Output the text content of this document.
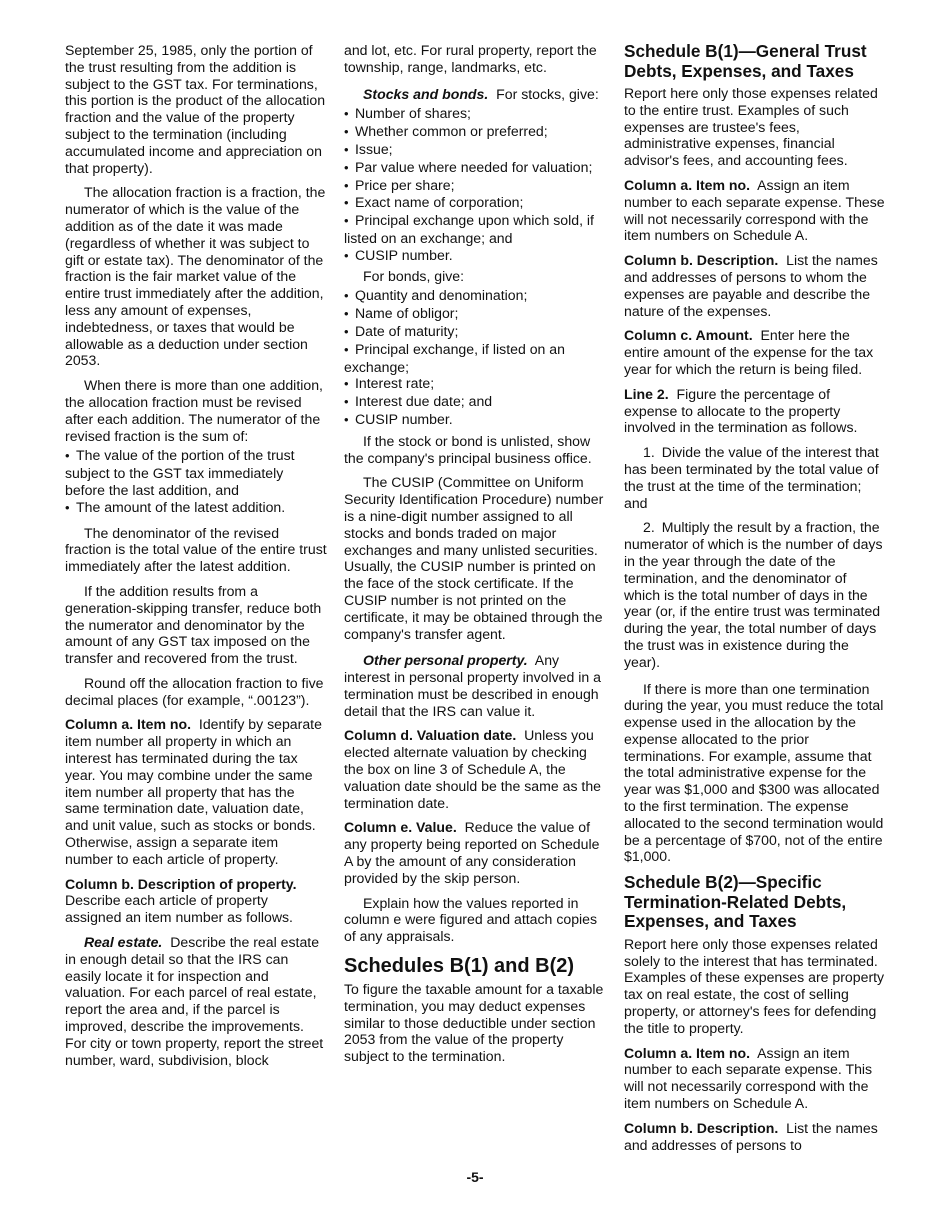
September 25, 1985, only the portion of the trust resulting from the addition is subject to the GST tax. For terminations, this portion is the product of the allocation fraction and the value of the property subject to the termination (including accumulated income and appreciation on that property).

The allocation fraction is a fraction, the numerator of which is the value of the addition as of the date it was made (regardless of whether it was subject to gift or estate tax). The denominator of the fraction is the fair market value of the entire trust immediately after the addition, less any amount of expenses, indebtedness, or taxes that would be allowable as a deduction under section 2053.

When there is more than one addition, the allocation fraction must be revised after each addition. The numerator of the revised fraction is the sum of:

• The value of the portion of the trust subject to the GST tax immediately before the last addition, and
• The amount of the latest addition.

The denominator of the revised fraction is the total value of the entire trust immediately after the latest addition.

If the addition results from a generation-skipping transfer, reduce both the numerator and denominator by the amount of any GST tax imposed on the transfer and recovered from the trust.

Round off the allocation fraction to five decimal places (for example, “.00123”).

Column a. Item no. Identify by separate item number all property in which an interest has terminated during the tax year. You may combine under the same item number all property that has the same termination date, valuation date, and unit value, such as stocks or bonds. Otherwise, assign a separate item number to each article of property.

Column b. Description of property. Describe each article of property assigned an item number as follows.

Real estate. Describe the real estate in enough detail so that the IRS can easily locate it for inspection and valuation. For each parcel of real estate, report the area and, if the parcel is improved, describe the improvements. For city or town property, report the street number, ward, subdivision, block

and lot, etc. For rural property, report the township, range, landmarks, etc.

Stocks and bonds. For stocks, give:

• Number of shares;
• Whether common or preferred;
• Issue;
• Par value where needed for valuation;
• Price per share;
• Exact name of corporation;
• Principal exchange upon which sold, if listed on an exchange; and
• CUSIP number.

For bonds, give:

• Quantity and denomination;
• Name of obligor;
• Date of maturity;
• Principal exchange, if listed on an exchange;
• Interest rate;
• Interest due date; and
• CUSIP number.

If the stock or bond is unlisted, show the company's principal business office.

The CUSIP (Committee on Uniform Security Identification Procedure) number is a nine-digit number assigned to all stocks and bonds traded on major exchanges and many unlisted securities. Usually, the CUSIP number is printed on the face of the stock certificate. If the CUSIP number is not printed on the certificate, it may be obtained through the company's transfer agent.

Other personal property. Any interest in personal property involved in a termination must be described in enough detail that the IRS can value it.

Column d. Valuation date. Unless you elected alternate valuation by checking the box on line 3 of Schedule A, the valuation date should be the same as the termination date.

Column e. Value. Reduce the value of any property being reported on Schedule A by the amount of any consideration provided by the skip person.

Explain how the values reported in column e were figured and attach copies of any appraisals.

Schedules B(1) and B(2)

To figure the taxable amount for a taxable termination, you may deduct expenses similar to those deductible under section 2053 from the value of the property subject to the termination.

Schedule B(1)—General Trust Debts, Expenses, and Taxes

Report here only those expenses related to the entire trust. Examples of such expenses are trustee's fees, administrative expenses, financial advisor's fees, and accounting fees.

Column a. Item no. Assign an item number to each separate expense. These will not necessarily correspond with the item numbers on Schedule A.

Column b. Description. List the names and addresses of persons to whom the expenses are payable and describe the nature of the expenses.

Column c. Amount. Enter here the entire amount of the expense for the tax year for which the return is being filed.

Line 2. Figure the percentage of expense to allocate to the property involved in the termination as follows.

1. Divide the value of the interest that has been terminated by the total value of the trust at the time of the termination; and

2. Multiply the result by a fraction, the numerator of which is the number of days in the year through the date of the termination, and the denominator of which is the total number of days in the year (or, if the entire trust was terminated during the year, the total number of days the trust was in existence during the year).

If there is more than one termination during the year, you must reduce the total expense used in the allocation by the expense allocated to the prior terminations. For example, assume that the total administrative expense for the year was $1,000 and $300 was allocated to the first termination. The expense allocated to the second termination would be a percentage of $700, not of the entire $1,000.

Schedule B(2)—Specific Termination-Related Debts, Expenses, and Taxes

Report here only those expenses related solely to the interest that has terminated. Examples of these expenses are property tax on real estate, the cost of selling property, or attorney's fees for defending the title to property.

Column a. Item no. Assign an item number to each separate expense. This will not necessarily correspond with the item numbers on Schedule A.

Column b. Description. List the names and addresses of persons to

-5-
